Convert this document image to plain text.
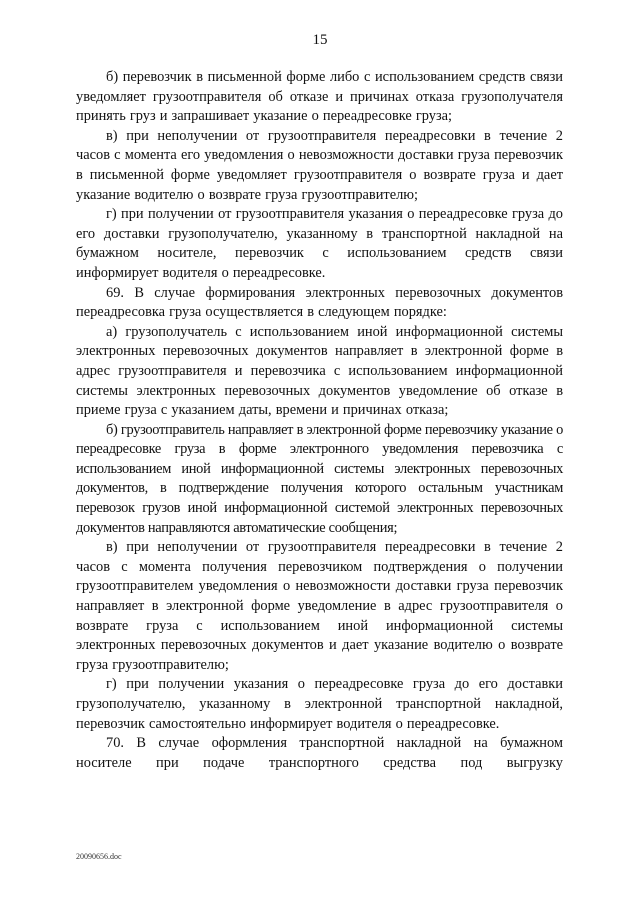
15

б) перевозчик в письменной форме либо с использованием средств связи уведомляет грузоотправителя об отказе и причинах отказа грузополучателя принять груз и запрашивает указание о переадресовке груза;

в) при неполучении от грузоотправителя переадресовки в течение 2 часов с момента его уведомления о невозможности доставки груза перевозчик в письменной форме уведомляет грузоотправителя о возврате груза и дает указание водителю о возврате груза грузоотправителю;

г) при получении от грузоотправителя указания о переадресовке груза до его доставки грузополучателю, указанному в транспортной накладной на бумажном носителе, перевозчик с использованием средств связи информирует водителя о переадресовке.

69. В случае формирования электронных перевозочных документов переадресовка груза осуществляется в следующем порядке:

а) грузополучатель с использованием иной информационной системы электронных перевозочных документов направляет в электронной форме в адрес грузоотправителя и перевозчика с использованием информационной системы электронных перевозочных документов уведомление об отказе в приеме груза с указанием даты, времени и причинах отказа;

б) грузоотправитель направляет в электронной форме перевозчику указание о переадресовке груза в форме электронного уведомления перевозчика с использованием иной информационной системы электронных перевозочных документов, в подтверждение получения которого остальным участникам перевозок грузов иной информационной системой электронных перевозочных документов направляются автоматические сообщения;

в) при неполучении от грузоотправителя переадресовки в течение 2 часов с момента получения перевозчиком подтверждения о получении грузоотправителем уведомления о невозможности доставки груза перевозчик направляет в электронной форме уведомление в адрес грузоотправителя о возврате груза с использованием иной информационной системы электронных перевозочных документов и дает указание водителю о возврате груза грузоотправителю;

г) при получении указания о переадресовке груза до его доставки грузополучателю, указанному в электронной транспортной накладной, перевозчик самостоятельно информирует водителя о переадресовке.

70. В случае оформления транспортной накладной на бумажном носителе при подаче транспортного средства под выгрузку

20090656.doc
